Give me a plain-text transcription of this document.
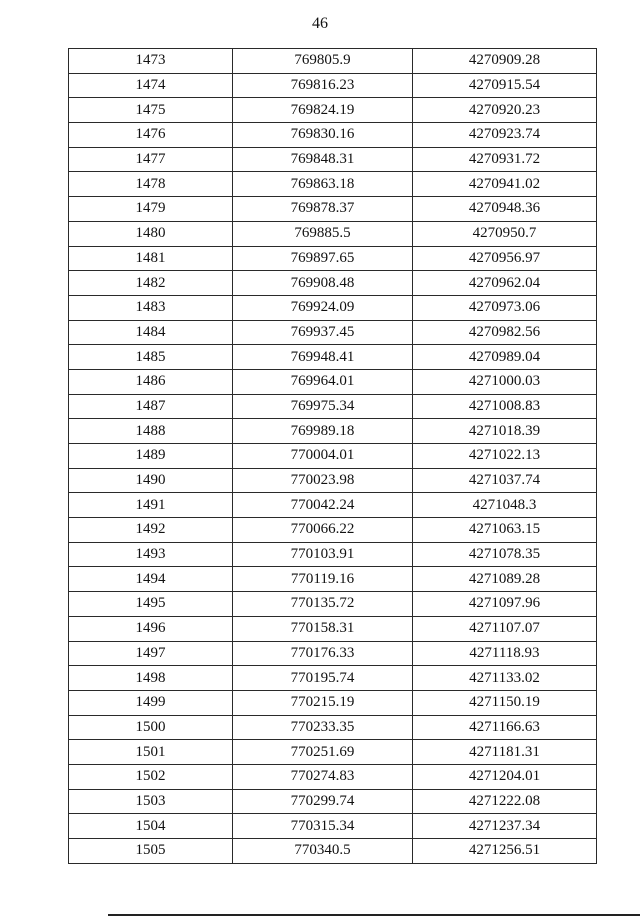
46
1473	769805.9	4270909.28
1474	769816.23	4270915.54
1475	769824.19	4270920.23
1476	769830.16	4270923.74
1477	769848.31	4270931.72
1478	769863.18	4270941.02
1479	769878.37	4270948.36
1480	769885.5	4270950.7
1481	769897.65	4270956.97
1482	769908.48	4270962.04
1483	769924.09	4270973.06
1484	769937.45	4270982.56
1485	769948.41	4270989.04
1486	769964.01	4271000.03
1487	769975.34	4271008.83
1488	769989.18	4271018.39
1489	770004.01	4271022.13
1490	770023.98	4271037.74
1491	770042.24	4271048.3
1492	770066.22	4271063.15
1493	770103.91	4271078.35
1494	770119.16	4271089.28
1495	770135.72	4271097.96
1496	770158.31	4271107.07
1497	770176.33	4271118.93
1498	770195.74	4271133.02
1499	770215.19	4271150.19
1500	770233.35	4271166.63
1501	770251.69	4271181.31
1502	770274.83	4271204.01
1503	770299.74	4271222.08
1504	770315.34	4271237.34
1505	770340.5	4271256.51
